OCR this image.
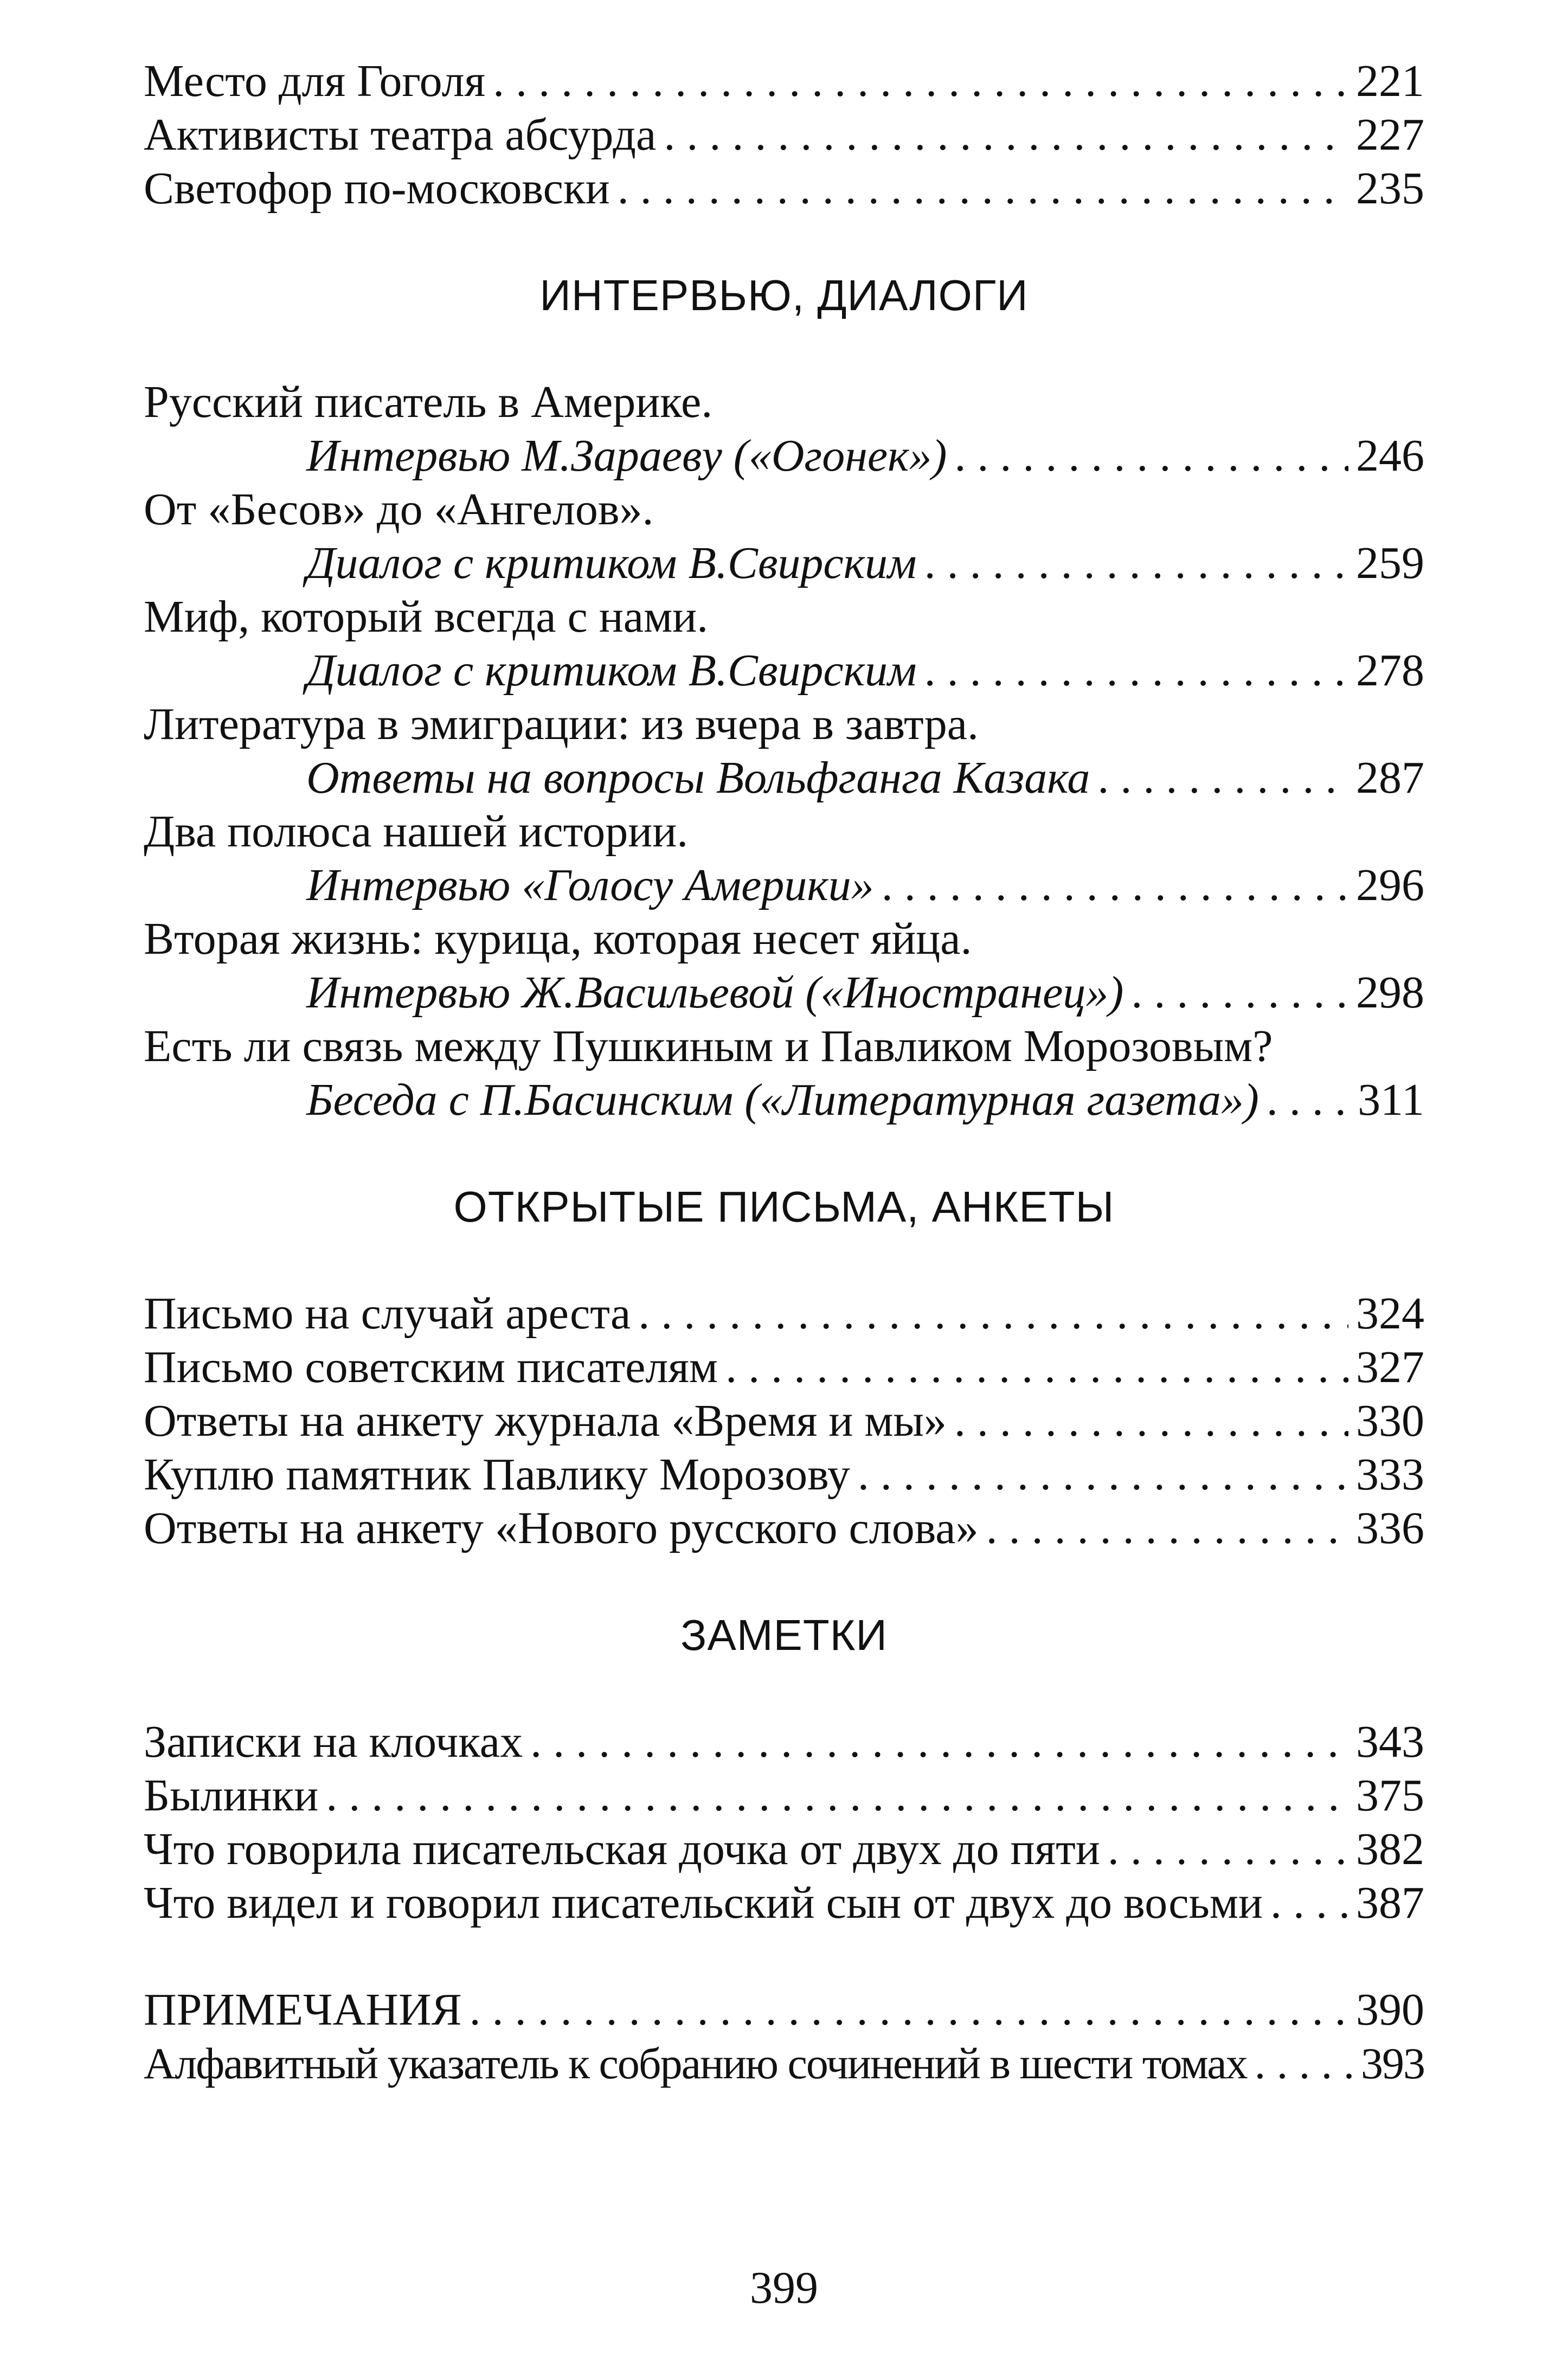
Место для Гоголя . . .	221
Активисты театра абсурда . . .	227
Светофор по-московски . . .	235
ИНТЕРВЬЮ, ДИАЛОГИ
Русский писатель в Америке.
Интервью М.Зараеву («Огонек») . . .	246
От «Бесов» до «Ангелов».
Диалог с критиком В.Свирским . . .	259
Миф, который всегда с нами.
Диалог с критиком В.Свирским . . .	278
Литература в эмиграции: из вчера в завтра.
Ответы на вопросы Вольфганга Казака . . .	287
Два полюса нашей истории.
Интервью «Голосу Америки» . . .	296
Вторая жизнь: курица, которая несет яйца.
Интервью Ж.Васильевой («Иностранец») . . .	298
Есть ли связь между Пушкиным и Павликом Морозовым?
Беседа с П.Басинским («Литературная газета») . . . 311
ОТКРЫТЫЕ ПИСЬМА, АНКЕТЫ
Письмо на случай ареста . . .	324
Письмо советским писателям . . .	327
Ответы на анкету журнала «Время и мы» . . .	330
Куплю памятник Павлику Морозову . . .	333
Ответы на анкету «Нового русского слова» . . .	336
ЗАМЕТКИ
Записки на клочках . . .	343
Былинки . . .	375
Что говорила писательская дочка от двух до пяти . . .	382
Что видел и говорил писательский сын от двух до восьми . . . 387
ПРИМЕЧАНИЯ . . .	390
Алфавитный указатель к собранию сочинений в шести томах . . .	393
399
